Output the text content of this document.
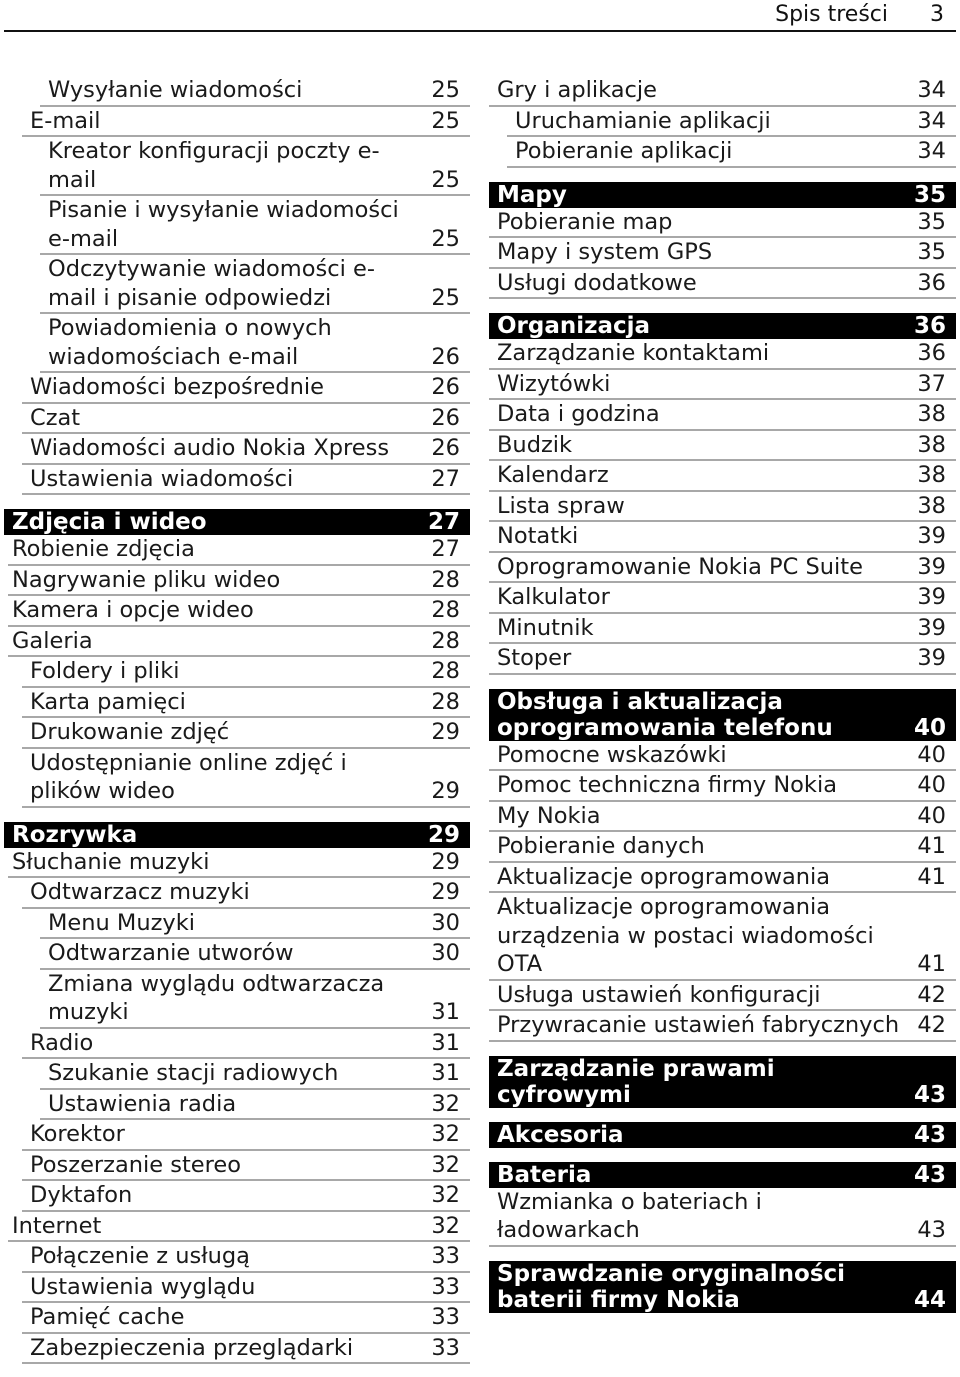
Spis treści 3
Wysyłanie wiadomości	25
E-mail	25
Kreator konfiguracji poczty e-mail	25
Pisanie i wysyłanie wiadomości e-mail	25
Odczytywanie wiadomości e-mail i pisanie odpowiedzi	25
Powiadomienia o nowych wiadomościach e-mail	26
Wiadomości bezpośrednie	26
Czat	26
Wiadomości audio Nokia Xpress	26
Ustawienia wiadomości	27
Zdjęcia i wideo	27
Robienie zdjęcia	27
Nagrywanie pliku wideo	28
Kamera i opcje wideo	28
Galeria	28
Foldery i pliki	28
Karta pamięci	28
Drukowanie zdjęć	29
Udostępnianie online zdjęć i plików wideo	29
Rozrywka	29
Słuchanie muzyki	29
Odtwarzacz muzyki	29
Menu Muzyki	30
Odtwarzanie utworów	30
Zmiana wyglądu odtwarzacza muzyki	31
Radio	31
Szukanie stacji radiowych	31
Ustawienia radia	32
Korektor	32
Poszerzanie stereo	32
Dyktafon	32
Internet	32
Połączenie z usługą	33
Ustawienia wyglądu	33
Pamięć cache	33
Zabezpieczenia przeglądarki	33
Gry i aplikacje	34
Uruchamianie aplikacji	34
Pobieranie aplikacji	34
Mapy	35
Pobieranie map	35
Mapy i system GPS	35
Usługi dodatkowe	36
Organizacja	36
Zarządzanie kontaktami	36
Wizytówki	37
Data i godzina	38
Budzik	38
Kalendarz	38
Lista spraw	38
Notatki	39
Oprogramowanie Nokia PC Suite	39
Kalkulator	39
Minutnik	39
Stoper	39
Obsługa i aktualizacja oprogramowania telefonu	40
Pomocne wskazówki	40
Pomoc techniczna firmy Nokia	40
My Nokia	40
Pobieranie danych	41
Aktualizacje oprogramowania	41
Aktualizacje oprogramowania urządzenia w postaci wiadomości OTA	41
Usługa ustawień konfiguracji	42
Przywracanie ustawień fabrycznych 42
Zarządzanie prawami cyfrowymi	43
Akcesoria	43
Bateria	43
Wzmianka o bateriach i ładowarkach	43
Sprawdzanie oryginalności baterii firmy Nokia	44
